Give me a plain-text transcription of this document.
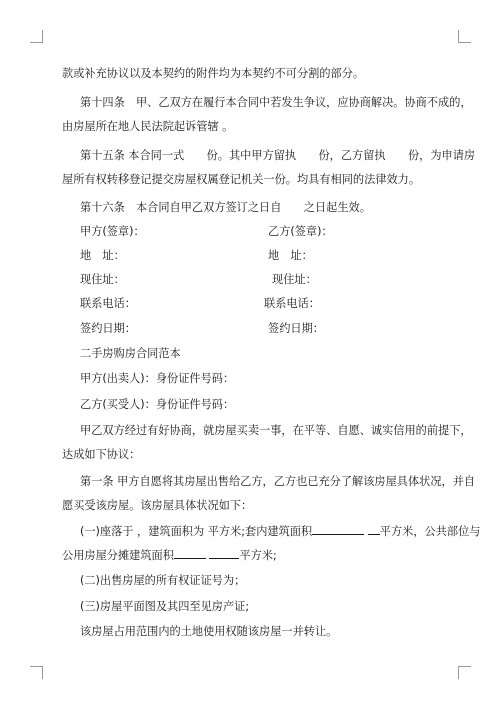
款或补充协议以及本契约的附件均为本契约不可分割的部分。
第十四条　甲、乙双方在履行本合同中若发生争议，应协商解决。协商不成的，
由房屋所在地人民法院起诉管辖 。
第十五条 本合同一式　　份。其中甲方留执　　份，乙方留执　　份，为申请房
屋所有权转移登记提交房屋权属登记机关一份。均具有相同的法律效力。
第十六条　本合同自甲乙双方签订之日自　　之日起生效。
甲方(签章)：	乙方(签章)：
地　址：	地　址：
现住址：	现住址：
联系电话：	联系电话：
签约日期：	签约日期：
二手房购房合同范本
甲方(出卖人)：身份证件号码：
乙方(买受人)：身份证件号码：
甲乙双方经过有好协商，就房屋买卖一事，在平等、自愿、诚实信用的前提下，
达成如下协议：
第一条 甲方自愿将其房屋出售给乙方，乙方也已充分了解该房屋具体状况，并自
愿买受该房屋。该房屋具体状况如下：
(一)座落于 ，建筑面积为 平方米;套内建筑面积	平方米，公共部位与
公用房屋分摊建筑面积	平方米;
(二)出售房屋的所有权证证号为；
(三)房屋平面图及其四至见房产证;
该房屋占用范围内的土地使用权随该房屋一并转让。
